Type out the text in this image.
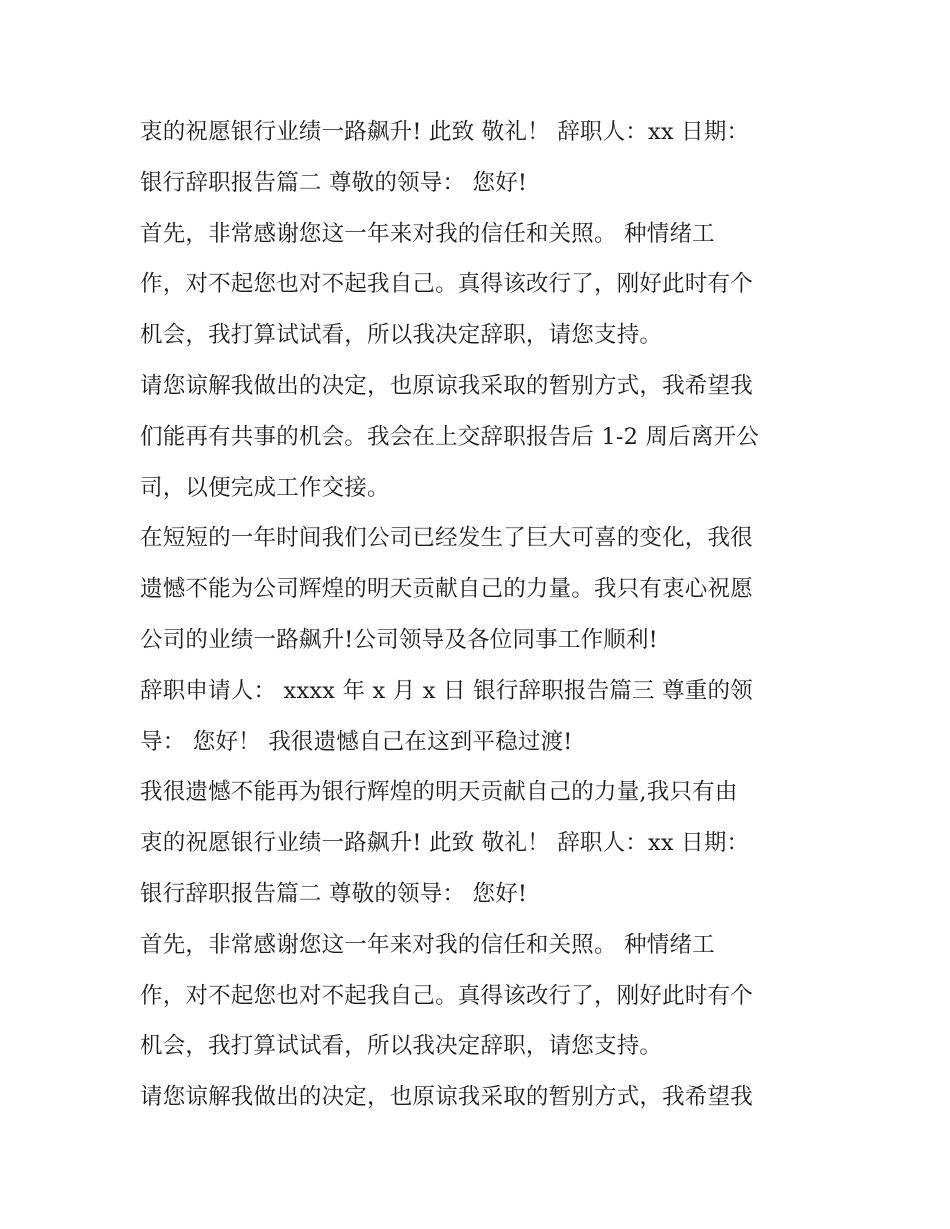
衷的祝愿银行业绩一路飙升! 此致 敬礼！ 辞职人：xx 日期：
银行辞职报告篇二 尊敬的领导： 您好!
首先，非常感谢您这一年来对我的信任和关照。 种情绪工
作，对不起您也对不起我自己。真得该改行了，刚好此时有个
机会，我打算试试看，所以我决定辞职，请您支持。
请您谅解我做出的决定，也原谅我采取的暂别方式，我希望我
们能再有共事的机会。我会在上交辞职报告后 1-2 周后离开公
司，以便完成工作交接。
在短短的一年时间我们公司已经发生了巨大可喜的变化，我很
遗憾不能为公司辉煌的明天贡献自己的力量。我只有衷心祝愿
公司的业绩一路飙升!公司领导及各位同事工作顺利!
辞职申请人： xxxx 年 x 月 x 日 银行辞职报告篇三 尊重的领
导： 您好！ 我很遗憾自己在这到平稳过渡!
我很遗憾不能再为银行辉煌的明天贡献自己的力量,我只有由
衷的祝愿银行业绩一路飙升! 此致 敬礼！ 辞职人：xx 日期：
银行辞职报告篇二 尊敬的领导： 您好!
首先，非常感谢您这一年来对我的信任和关照。 种情绪工
作，对不起您也对不起我自己。真得该改行了，刚好此时有个
机会，我打算试试看，所以我决定辞职，请您支持。
请您谅解我做出的决定，也原谅我采取的暂别方式，我希望我
